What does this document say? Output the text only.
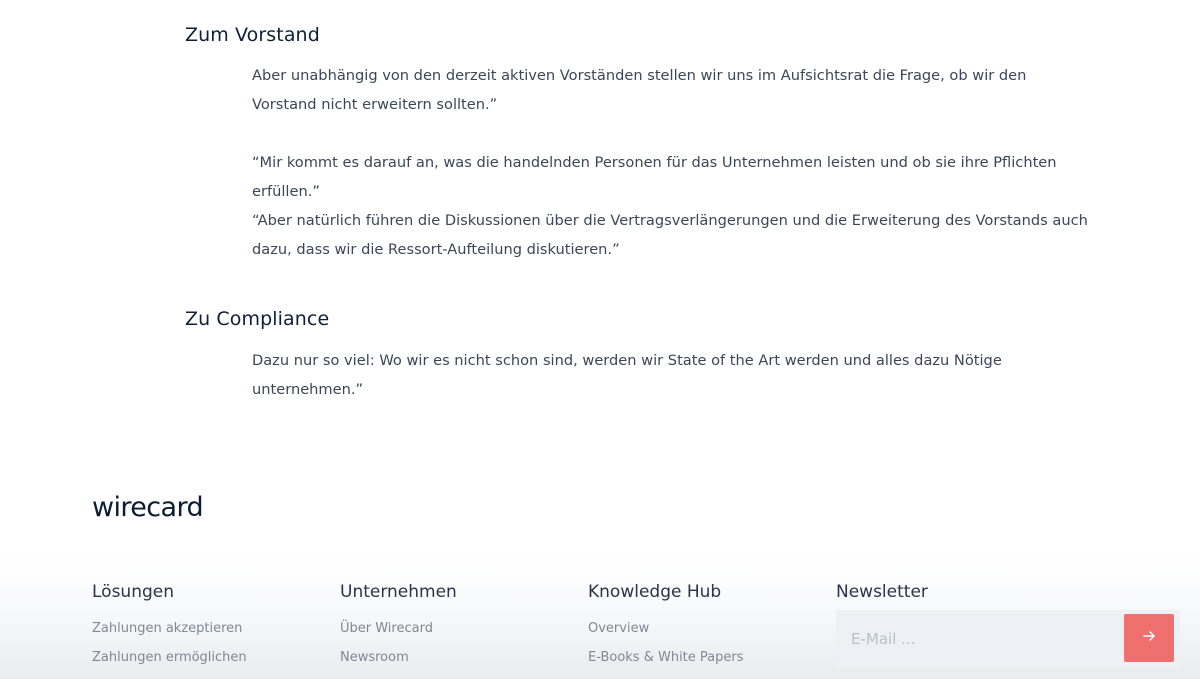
Zum Vorstand

Aber unabhängig von den derzeit aktiven Vorständen stellen wir uns im Aufsichtsrat die Frage, ob wir den Vorstand nicht erweitern sollten.”

“Mir kommt es darauf an, was die handelnden Personen für das Unternehmen leisten und ob sie ihre Pflichten erfüllen.”

“Aber natürlich führen die Diskussionen über die Vertragsverlängerungen und die Erweiterung des Vorstands auch dazu, dass wir die Ressort-Aufteilung diskutieren.”

Zu Compliance

Dazu nur so viel: Wo wir es nicht schon sind, werden wir State of the Art werden und alles dazu Nötige unternehmen.”

wirecard
Lösungen
Zahlungen akzeptieren
Zahlungen ermöglichen
Unternehmen
Über Wirecard
Newsroom
Knowledge Hub
Overview
E-Books & White Papers
Newsletter
E-Mail ...
